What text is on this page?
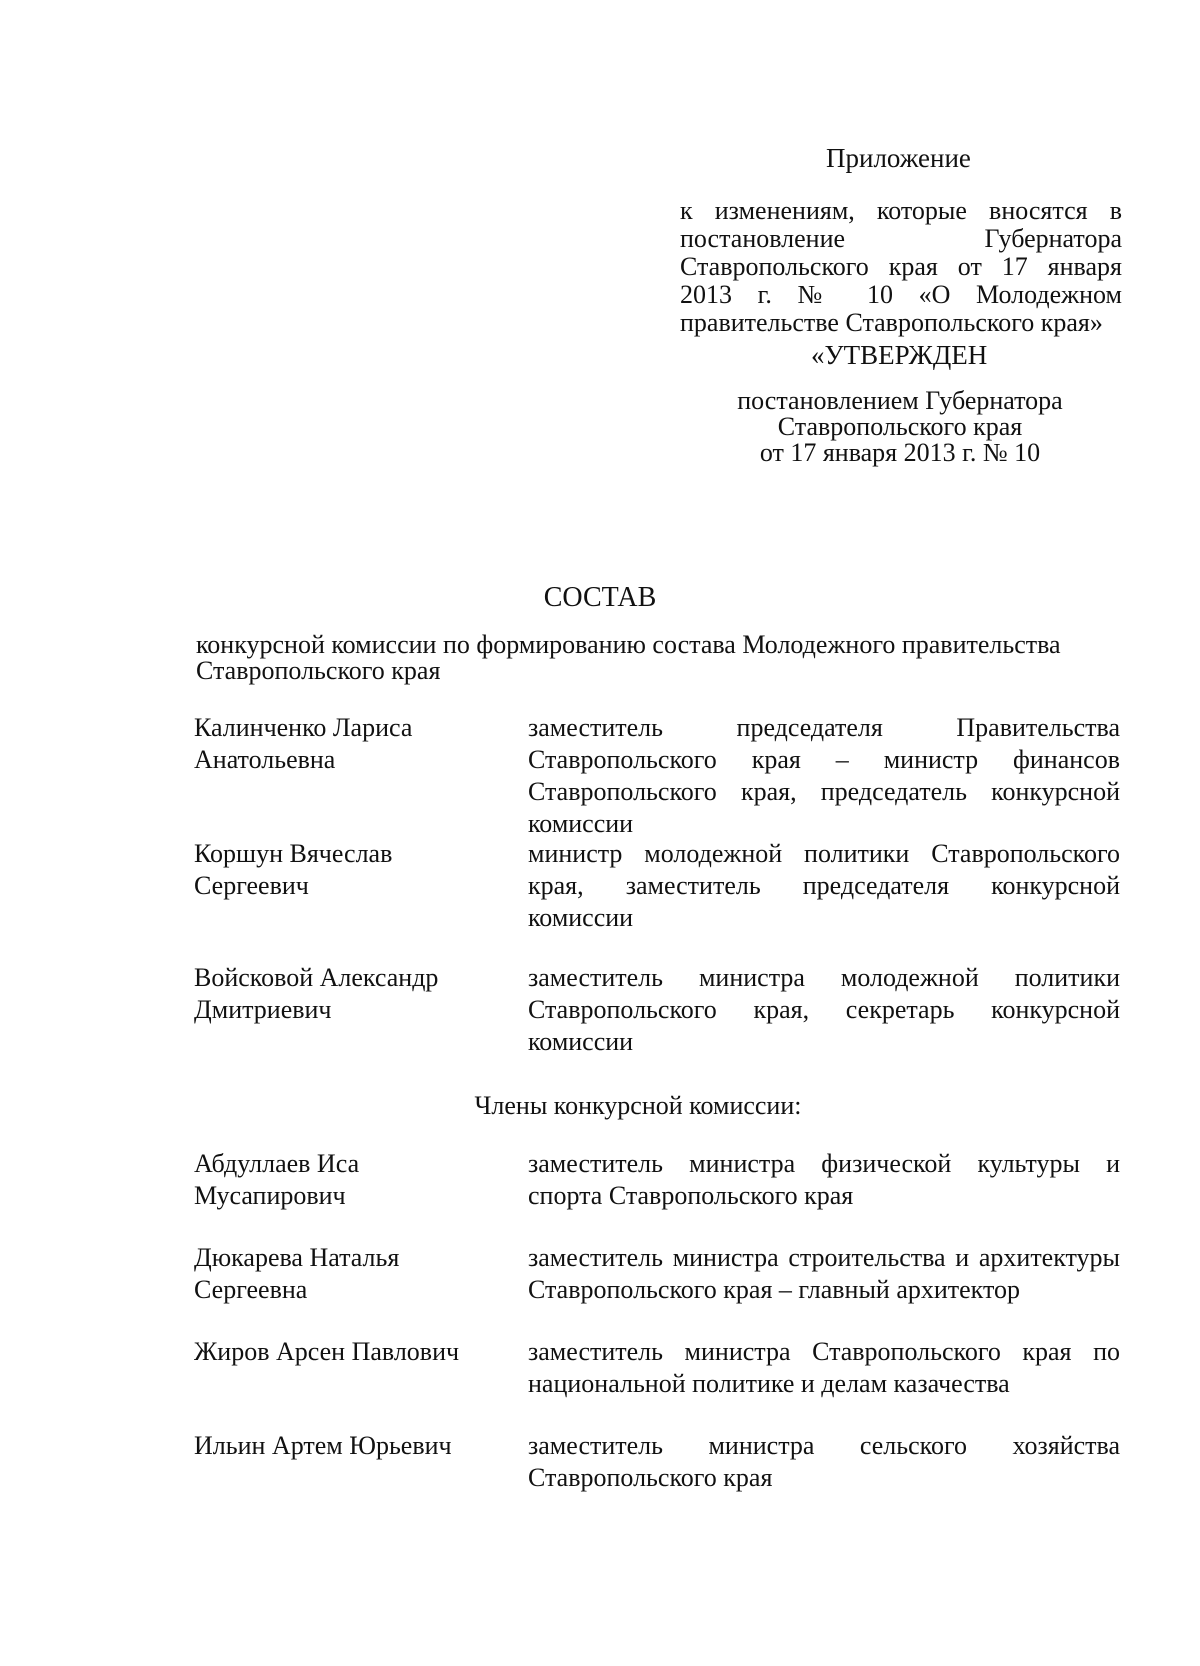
Приложение
к изменениям, которые вносятся в постановление Губернатора Ставропольского края от 17 января 2013 г. № 10 «О Молодежном правительстве Ставропольского края»
«УТВЕРЖДЕН
постановлением Губернатора
Ставропольского края
от 17 января 2013 г. № 10
СОСТАВ
конкурсной комиссии по формированию состава Молодежного правительства Ставропольского края
Калинченко Лариса Анатольевна
заместитель председателя Правительства Ставропольского края – министр финансов Ставропольского края, председатель конкурсной комиссии
Коршун Вячеслав Сергеевич
министр молодежной политики Ставропольского края, заместитель председателя конкурсной комиссии
Войсковой Александр Дмитриевич
заместитель министра молодежной политики Ставропольского края, секретарь конкурсной комиссии
Члены конкурсной комиссии:
Абдуллаев Иса Мусапирович
заместитель министра физической культуры и спорта Ставропольского края
Дюкарева Наталья Сергеевна
заместитель министра строительства и архитектуры Ставропольского края – главный архитектор
Жиров Арсен Павлович	заместитель министра Ставропольского края по национальной политике и делам казачества
Ильин Артем Юрьевич	заместитель министра сельского хозяйства Ставропольского края
